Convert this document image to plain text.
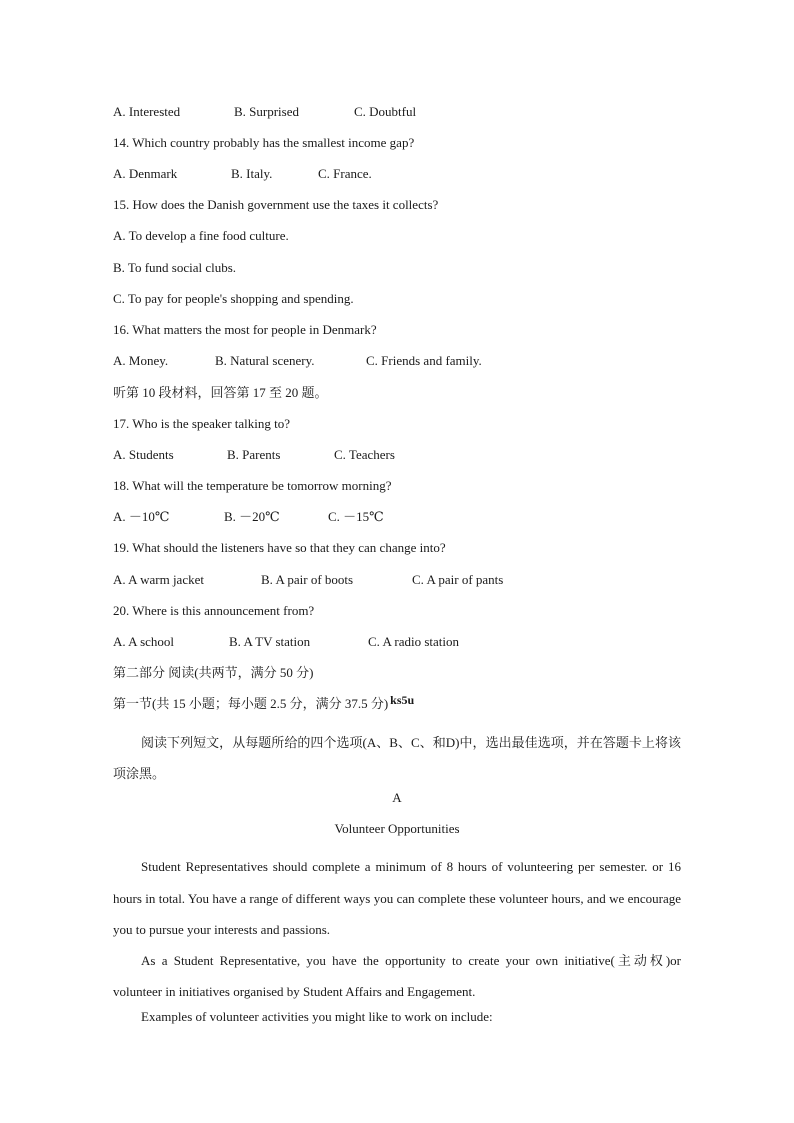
A. Interested	B. Surprised	C. Doubtful
14. Which country probably has the smallest income gap?
A. Denmark	B. Italy.	C. France.
15. How does the Danish government use the taxes it collects?
A. To develop a fine food culture.
B. To fund social clubs.
C. To pay for people's shopping and spending.
16. What matters the most for people in Denmark?
A. Money.	B. Natural scenery.	C. Friends and family.
听第 10 段材料，回答第 17 至 20 题。
17. Who is the speaker talking to?
A. Students	B. Parents	C. Teachers
18. What will the temperature be tomorrow morning?
A. －10℃	B. －20℃	C. －15℃
19. What should the listeners have so that they can change into?
A. A warm jacket	B. A pair of boots	C. A pair of pants
20. Where is this announcement from?
A. A school	B. A TV station	C. A radio station
第二部分 阅读(共两节，满分 50 分)
第一节(共 15 小题；每小题 2.5 分，满分 37.5 分) ks5u
阅读下列短文，从每题所给的四个选项(A、B、C、和D)中，选出最佳选项，并在答题卡上将该项涂黑。
A
Volunteer Opportunities
Student Representatives should complete a minimum of 8 hours of volunteering per semester. or 16 hours in total. You have a range of different ways you can complete these volunteer hours, and we encourage you to pursue your interests and passions.
As a Student Representative, you have the opportunity to create your own initiative(主动权)or volunteer in initiatives organised by Student Affairs and Engagement.
Examples of volunteer activities you might like to work on include:
